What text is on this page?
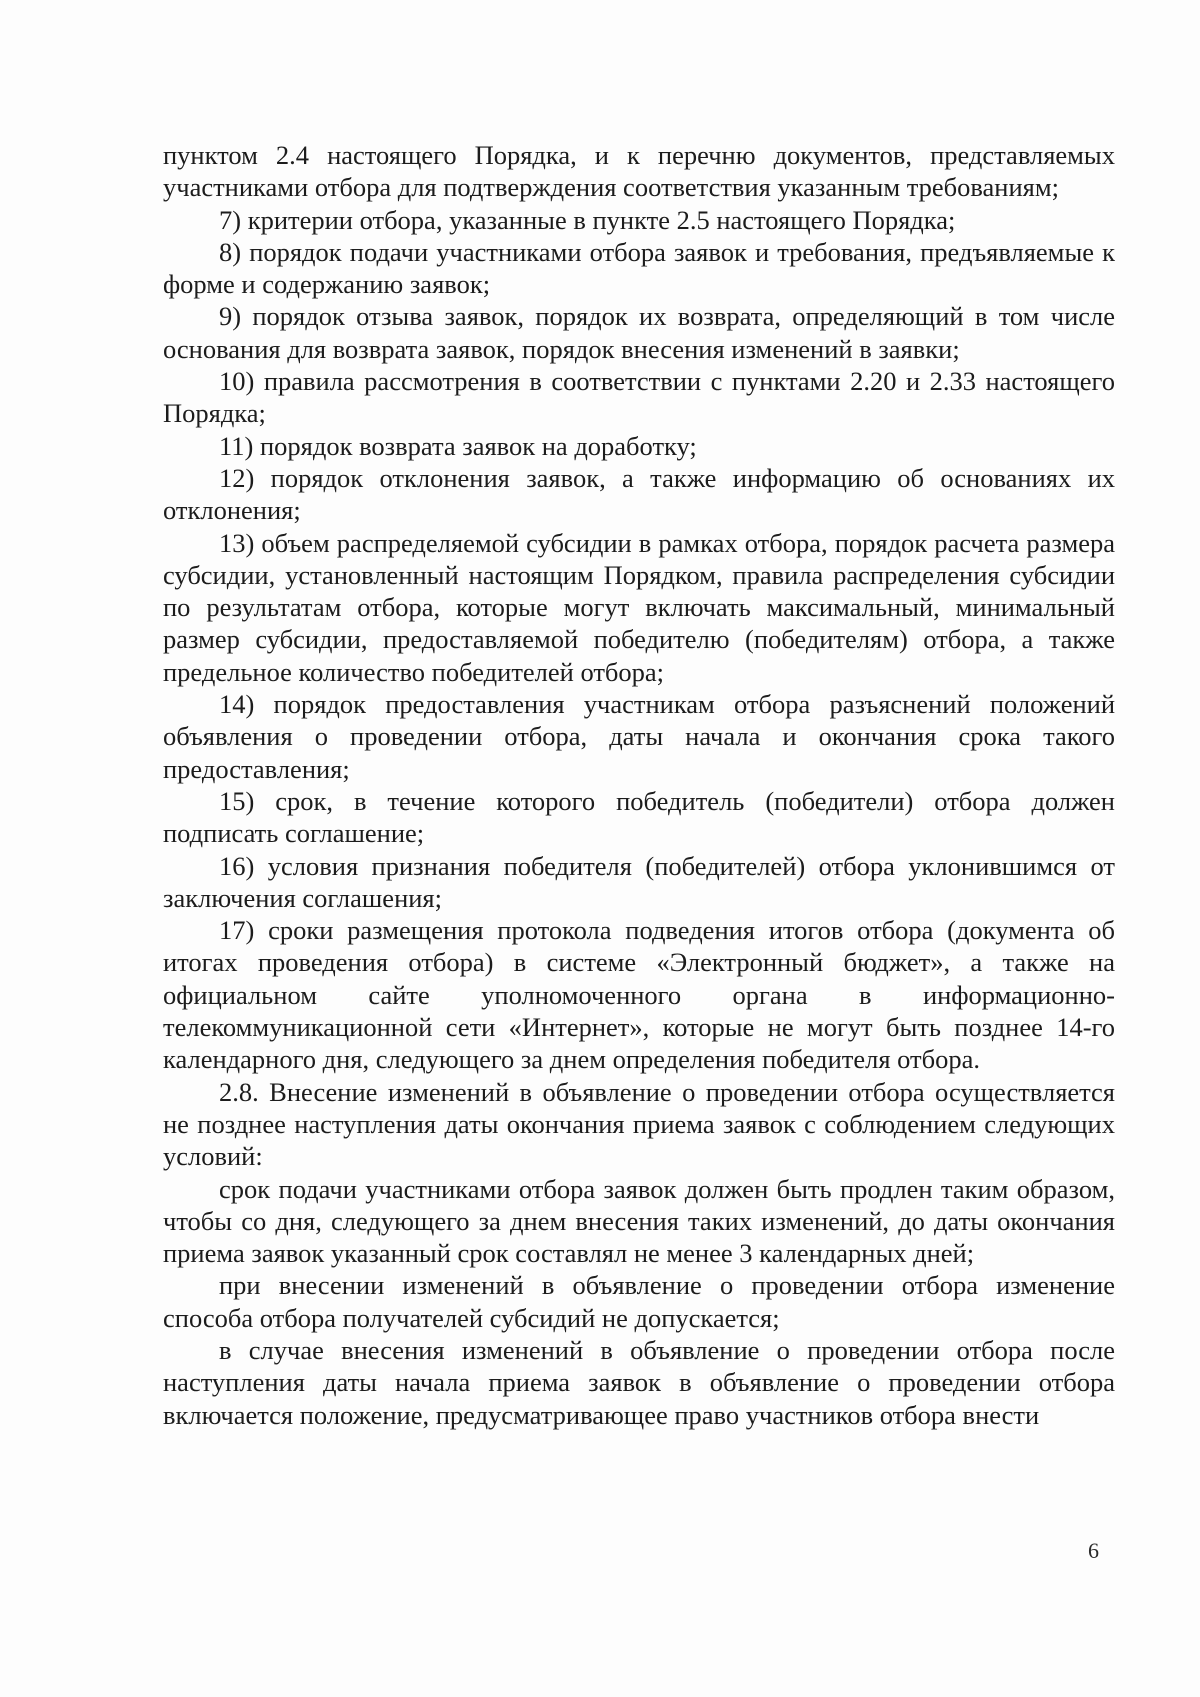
пунктом 2.4 настоящего Порядка, и к перечню документов, представляемых участниками отбора для подтверждения соответствия указанным требованиям;

7) критерии отбора, указанные в пункте 2.5 настоящего Порядка;

8) порядок подачи участниками отбора заявок и требования, предъявляемые к форме и содержанию заявок;

9) порядок отзыва заявок, порядок их возврата, определяющий в том числе основания для возврата заявок, порядок внесения изменений в заявки;

10) правила рассмотрения в соответствии с пунктами 2.20 и 2.33 настоящего Порядка;

11) порядок возврата заявок на доработку;

12) порядок отклонения заявок, а также информацию об основаниях их отклонения;

13) объем распределяемой субсидии в рамках отбора, порядок расчета размера субсидии, установленный настоящим Порядком, правила распределения субсидии по результатам отбора, которые могут включать максимальный, минимальный размер субсидии, предоставляемой победителю (победителям) отбора, а также предельное количество победителей отбора;

14) порядок предоставления участникам отбора разъяснений положений объявления о проведении отбора, даты начала и окончания срока такого предоставления;

15) срок, в течение которого победитель (победители) отбора должен подписать соглашение;

16) условия признания победителя (победителей) отбора уклонившимся от заключения соглашения;

17) сроки размещения протокола подведения итогов отбора (документа об итогах проведения отбора) в системе «Электронный бюджет», а также на официальном сайте уполномоченного органа в информационно-телекоммуникационной сети «Интернет», которые не могут быть позднее 14-го календарного дня, следующего за днем определения победителя отбора.

2.8. Внесение изменений в объявление о проведении отбора осуществляется не позднее наступления даты окончания приема заявок с соблюдением следующих условий:

срок подачи участниками отбора заявок должен быть продлен таким образом, чтобы со дня, следующего за днем внесения таких изменений, до даты окончания приема заявок указанный срок составлял не менее 3 календарных дней;

при внесении изменений в объявление о проведении отбора изменение способа отбора получателей субсидий не допускается;

в случае внесения изменений в объявление о проведении отбора после наступления даты начала приема заявок в объявление о проведении отбора включается положение, предусматривающее право участников отбора внести

6
